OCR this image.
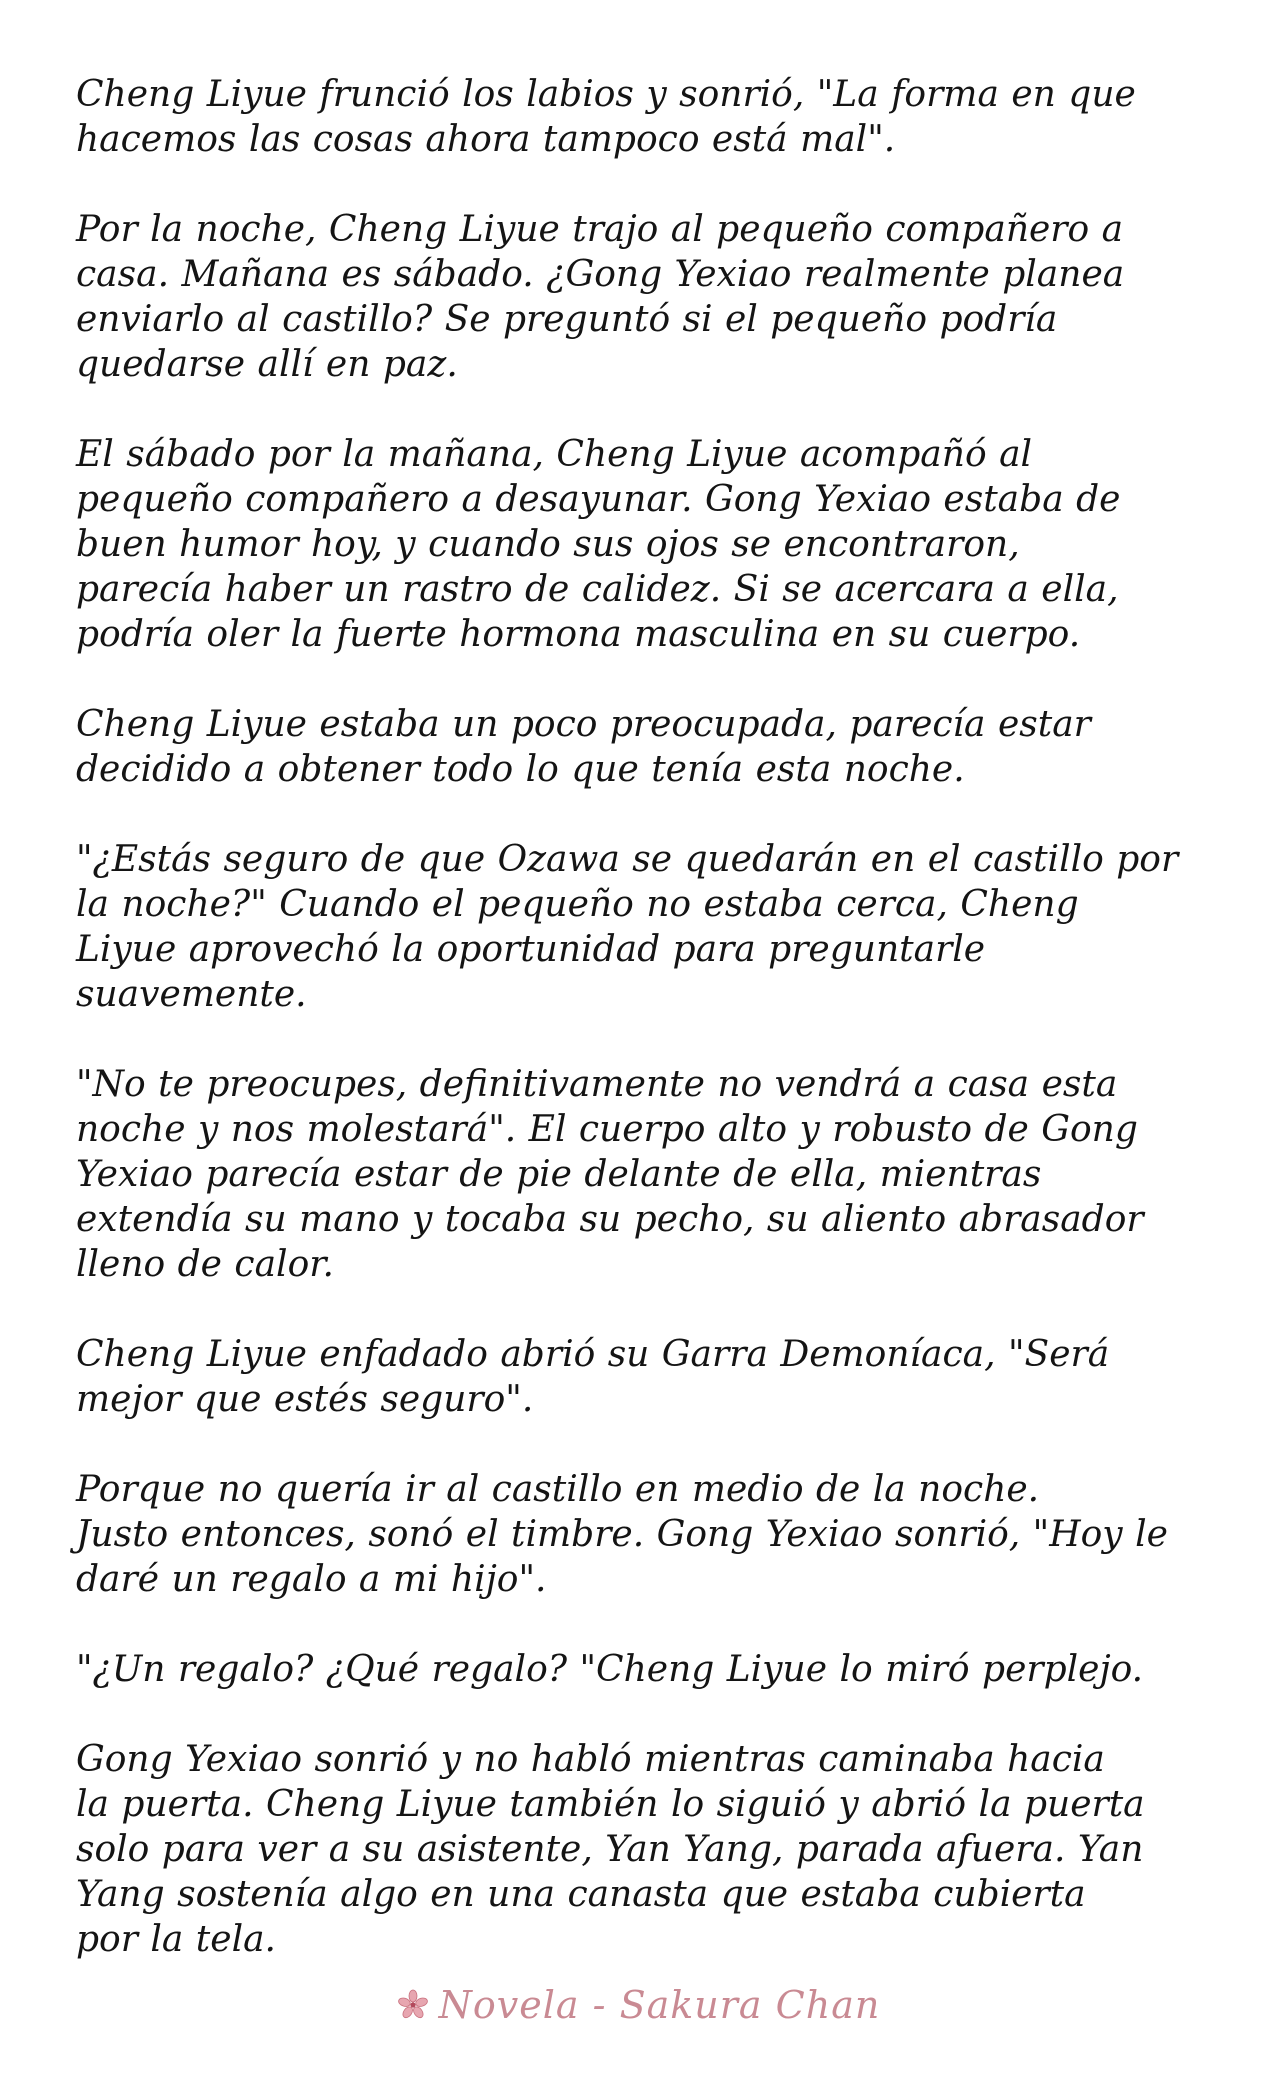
Cheng Liyue frunció los labios y sonrió, "La forma en que
hacemos las cosas ahora tampoco está mal".

Por la noche, Cheng Liyue trajo al pequeño compañero a
casa. Mañana es sábado. ¿Gong Yexiao realmente planea
enviarlo al castillo? Se preguntó si el pequeño podría
quedarse allí en paz.

El sábado por la mañana, Cheng Liyue acompañó al
pequeño compañero a desayunar. Gong Yexiao estaba de
buen humor hoy, y cuando sus ojos se encontraron,
parecía haber un rastro de calidez. Si se acercara a ella,
podría oler la fuerte hormona masculina en su cuerpo.

Cheng Liyue estaba un poco preocupada, parecía estar
decidido a obtener todo lo que tenía esta noche.

"¿Estás seguro de que Ozawa se quedarán en el castillo por
la noche?" Cuando el pequeño no estaba cerca, Cheng
Liyue aprovechó la oportunidad para preguntarle
suavemente.

"No te preocupes, definitivamente no vendrá a casa esta
noche y nos molestará". El cuerpo alto y robusto de Gong
Yexiao parecía estar de pie delante de ella, mientras
extendía su mano y tocaba su pecho, su aliento abrasador
lleno de calor.

Cheng Liyue enfadado abrió su Garra Demoníaca, "Será
mejor que estés seguro".

Porque no quería ir al castillo en medio de la noche.
Justo entonces, sonó el timbre. Gong Yexiao sonrió, "Hoy le
daré un regalo a mi hijo".

"¿Un regalo? ¿Qué regalo? "Cheng Liyue lo miró perplejo.

Gong Yexiao sonrió y no habló mientras caminaba hacia
la puerta. Cheng Liyue también lo siguió y abrió la puerta
solo para ver a su asistente, Yan Yang, parada afuera. Yan
Yang sostenía algo en una canasta que estaba cubierta
por la tela.

Novela - Sakura Chan
